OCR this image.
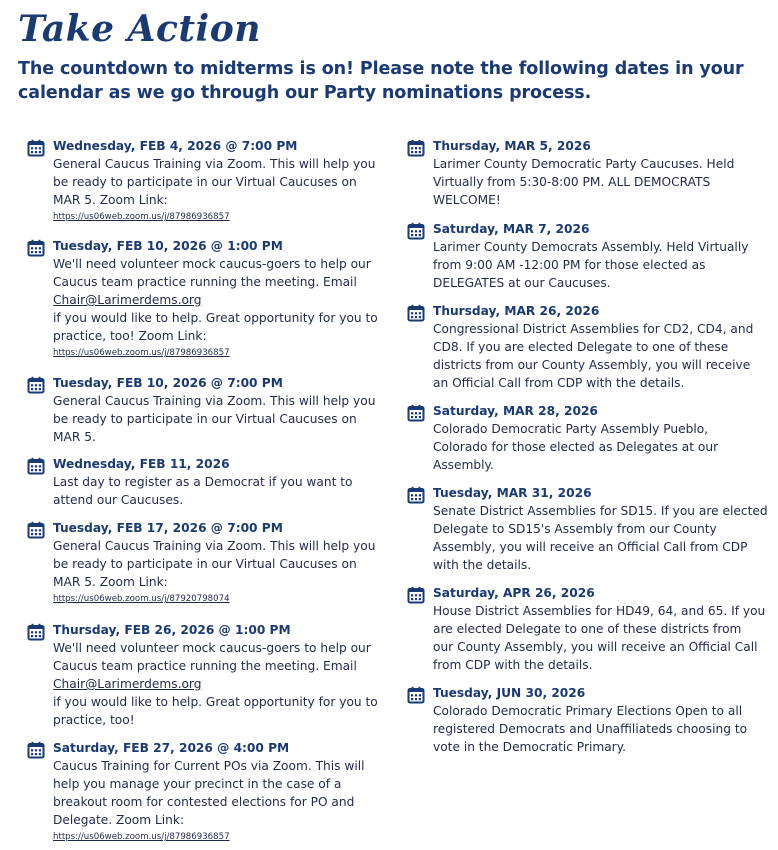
Take Action
The countdown to midterms is on! Please note the following dates in your calendar as we go through our Party nominations process.
Wednesday, FEB 4, 2026 @ 7:00 PM
General Caucus Training via Zoom. This will help you
be ready to participate in our Virtual Caucuses on
MAR 5. Zoom Link:
https://us06web.zoom.us/j/87986936857
Tuesday, FEB 10, 2026 @ 1:00 PM
We'll need volunteer mock caucus-goers to help our
Caucus team practice running the meeting. Email
Chair@Larimerdems.org
if you would like to help. Great opportunity for you to
practice, too! Zoom Link:
https://us06web.zoom.us/j/87986936857
Tuesday, FEB 10, 2026 @ 7:00 PM
General Caucus Training via Zoom. This will help you
be ready to participate in our Virtual Caucuses on
MAR 5.
Wednesday, FEB 11, 2026
Last day to register as a Democrat if you want to
attend our Caucuses.
Tuesday, FEB 17, 2026 @ 7:00 PM
General Caucus Training via Zoom. This will help you
be ready to participate in our Virtual Caucuses on
MAR 5. Zoom Link:
https://us06web.zoom.us/j/87920798074
Thursday, FEB 26, 2026 @ 1:00 PM
We'll need volunteer mock caucus-goers to help our
Caucus team practice running the meeting. Email
Chair@Larimerdems.org
if you would like to help. Great opportunity for you to
practice, too!
Saturday, FEB 27, 2026 @ 4:00 PM
Caucus Training for Current POs via Zoom. This will
help you manage your precinct in the case of a
breakout room for contested elections for PO and
Delegate. Zoom Link:
https://us06web.zoom.us/j/87986936857
Thursday, MAR 5, 2026
Larimer County Democratic Party Caucuses. Held
Virtually from 5:30-8:00 PM. ALL DEMOCRATS
WELCOME!
Saturday, MAR 7, 2026
Larimer County Democrats Assembly. Held Virtually
from 9:00 AM -12:00 PM for those elected as
DELEGATES at our Caucuses.
Thursday, MAR 26, 2026
Congressional District Assemblies for CD2, CD4, and
CD8. If you are elected Delegate to one of these
districts from our County Assembly, you will receive
an Official Call from CDP with the details.
Saturday, MAR 28, 2026
Colorado Democratic Party Assembly Pueblo,
Colorado for those elected as Delegates at our
Assembly.
Tuesday, MAR 31, 2026
Senate District Assemblies for SD15. If you are elected
Delegate to SD15's Assembly from our County
Assembly, you will receive an Official Call from CDP
with the details.
Saturday, APR 26, 2026
House District Assemblies for HD49, 64, and 65. If you
are elected Delegate to one of these districts from
our County Assembly, you will receive an Official Call
from CDP with the details.
Tuesday, JUN 30, 2026
Colorado Democratic Primary Elections Open to all
registered Democrats and Unaffiliateds choosing to
vote in the Democratic Primary.
